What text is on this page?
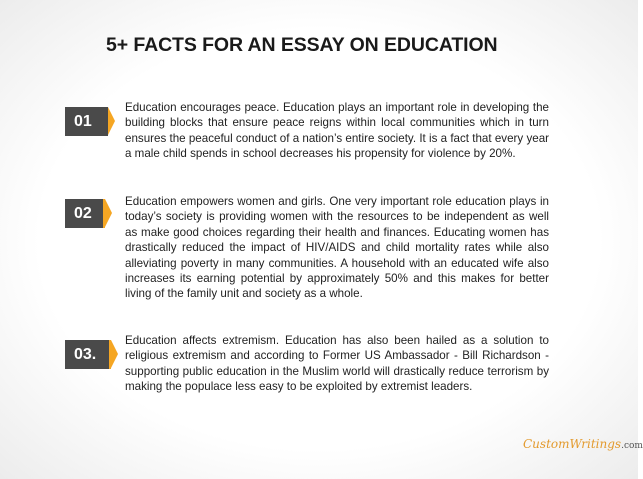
5+ FACTS FOR AN ESSAY ON EDUCATION
01
Education encourages peace. Education plays an important role in developing the building blocks that ensure peace reigns within local communities which in turn ensures the peaceful conduct of a nation’s entire society. It is a fact that every year a male child spends in school decreases his propensity for violence by 20%.
02
Education empowers women and girls. One very important role education plays in today’s society is providing women with the resources to be independent as well as make good choices regarding their health and finances. Educating women has drastically reduced the impact of HIV/AIDS and child mortality rates while also alleviating poverty in many communities. A household with an educated wife also increases its earning potential by approximately 50% and this makes for better living of the family unit and society as a whole.
03.
Education affects extremism. Education has also been hailed as a solution to religious extremism and according to Former US Ambassador - Bill Richardson - supporting public education in the Muslim world will drastically reduce terrorism by making the populace less easy to be exploited by extremist leaders.
CustomWritings.com
